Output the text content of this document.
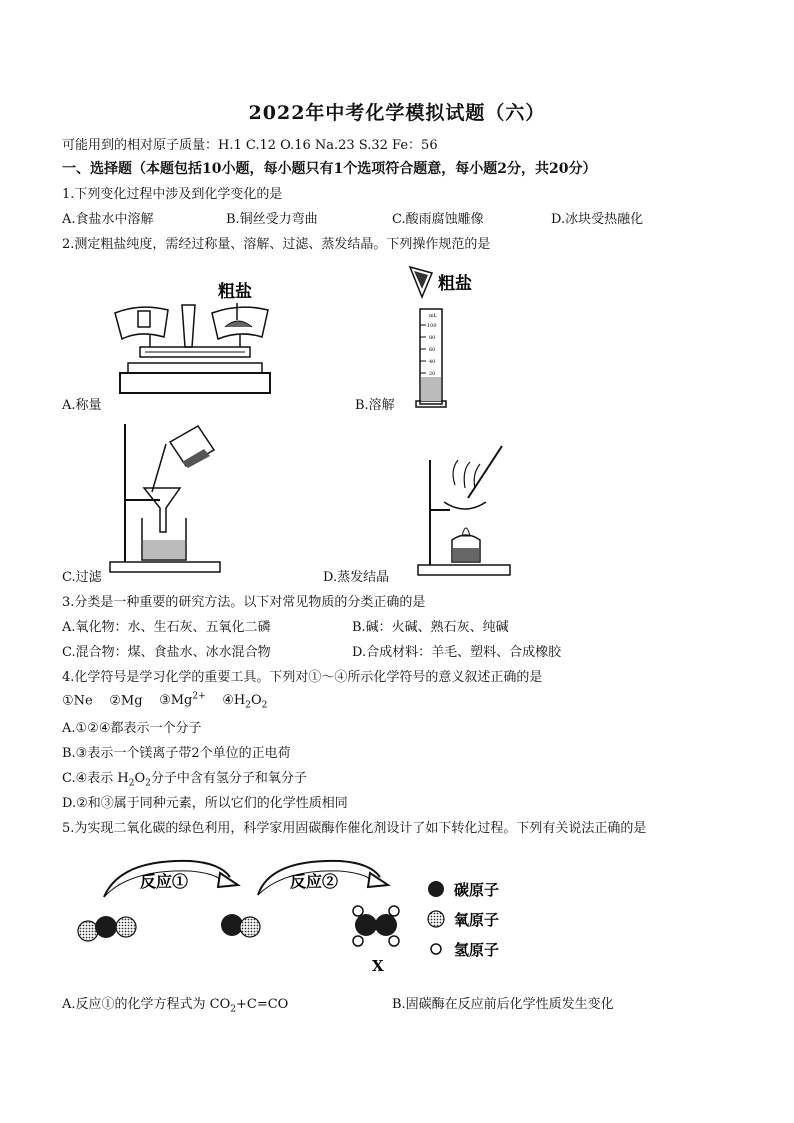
2022年中考化学模拟试题（六）
可能用到的相对原子质量：H.1 C.12 O.16 Na.23 S.32 Fe：56
一、选择题（本题包括10小题，每小题只有1个选项符合题意，每小题2分，共20分）
1.下列变化过程中涉及到化学变化的是
A.食盐水中溶解	B.铜丝受力弯曲	C.酸雨腐蚀雕像	D.冰块受热融化
2.测定粗盐纯度，需经过称量、溶解、过滤、蒸发结晶。下列操作规范的是
粗盐
A.称量
粗盐
mL
100
80
60
40
20
B.溶解
C.过滤	D.蒸发结晶
3.分类是一种重要的研究方法。以下对常见物质的分类正确的是
A.氧化物：水、生石灰、五氧化二磷	B.碱：火碱、熟石灰、纯碱
C.混合物：煤、食盐水、冰水混合物	D.合成材料：羊毛、塑料、合成橡胶
4.化学符号是学习化学的重要工具。下列对①～④所示化学符号的意义叙述正确的是
①Ne ②Mg $③Mg^{2+}$ $④H_2O_2$
A.①②④都表示一个分子
B.③表示一个镁离子带2个单位的正电荷
C.④表示 $H_2O_2$分子中含有氢分子和氧分子
D.②和③属于同种元素，所以它们的化学性质相同
5.为实现二氧化碳的绿色利用，科学家用固碳酶作催化剂设计了如下转化过程。下列有关说法正确的是
反应①	反应②
X
碳原子
氧原子
氢原子
A.反应①的化学方程式为 $CO_2+C=CO$	B.固碳酶在反应前后化学性质发生变化
